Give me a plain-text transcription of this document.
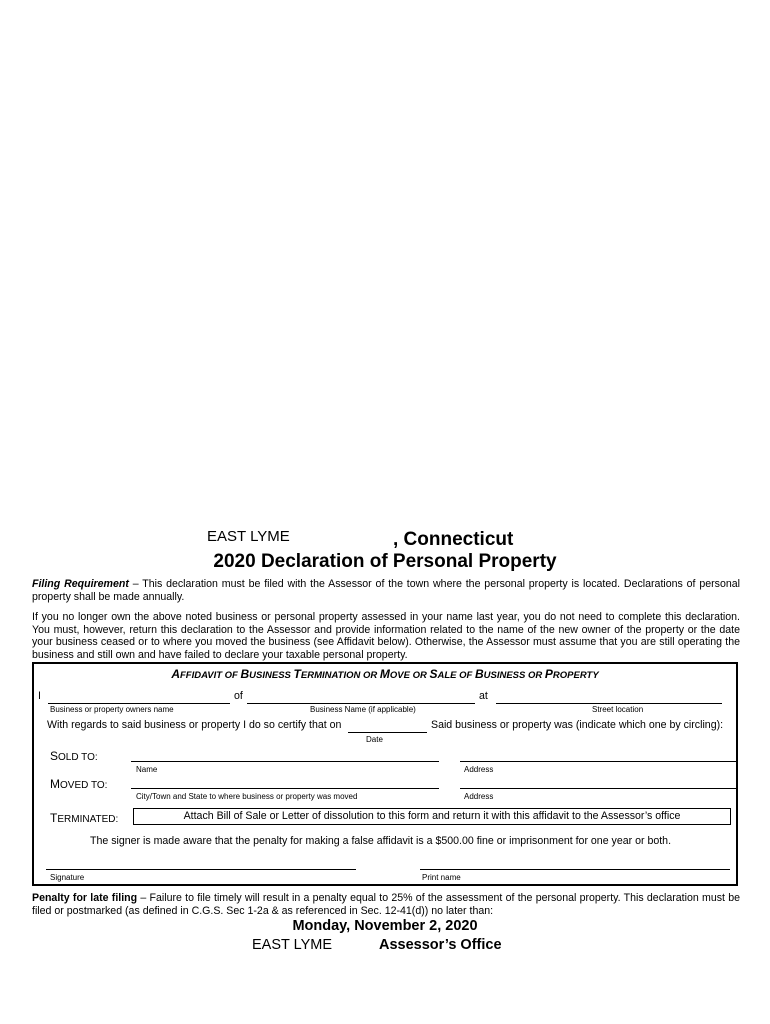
EAST LYME	, Connecticut
2020 Declaration of Personal Property
Filing Requirement – This declaration must be filed with the Assessor of the town where the personal property is located. Declarations of personal property shall be made annually.
If you no longer own the above noted business or personal property assessed in your name last year, you do not need to complete this declaration. You must, however, return this declaration to the Assessor and provide information related to the name of the new owner of the property or the date your business ceased or to where you moved the business (see Affidavit below). Otherwise, the Assessor must assume that you are still operating the business and still own and have failed to declare your taxable personal property.
AFFIDAVIT OF BUSINESS TERMINATION OR MOVE OR SALE OF BUSINESS OR PROPERTY
I	of	at
Business or property owners name	Business Name (if applicable)	Street location
With regards to said business or property I do so certify that on	Said business or property was (indicate which one by circling):
Date
SOLD TO:
Name	Address
MOVED TO:
City/Town and State to where business or property was moved	Address
TERMINATED:	Attach Bill of Sale or Letter of dissolution to this form and return it with this affidavit to the Assessor’s office
The signer is made aware that the penalty for making a false affidavit is a $500.00 fine or imprisonment for one year or both.
Signature	Print name
Penalty for late filing – Failure to file timely will result in a penalty equal to 25% of the assessment of the personal property. This declaration must be filed or postmarked (as defined in C.G.S. Sec 1-2a & as referenced in Sec. 12-41(d)) no later than:
Monday, November 2, 2020
EAST LYME	Assessor’s Office
